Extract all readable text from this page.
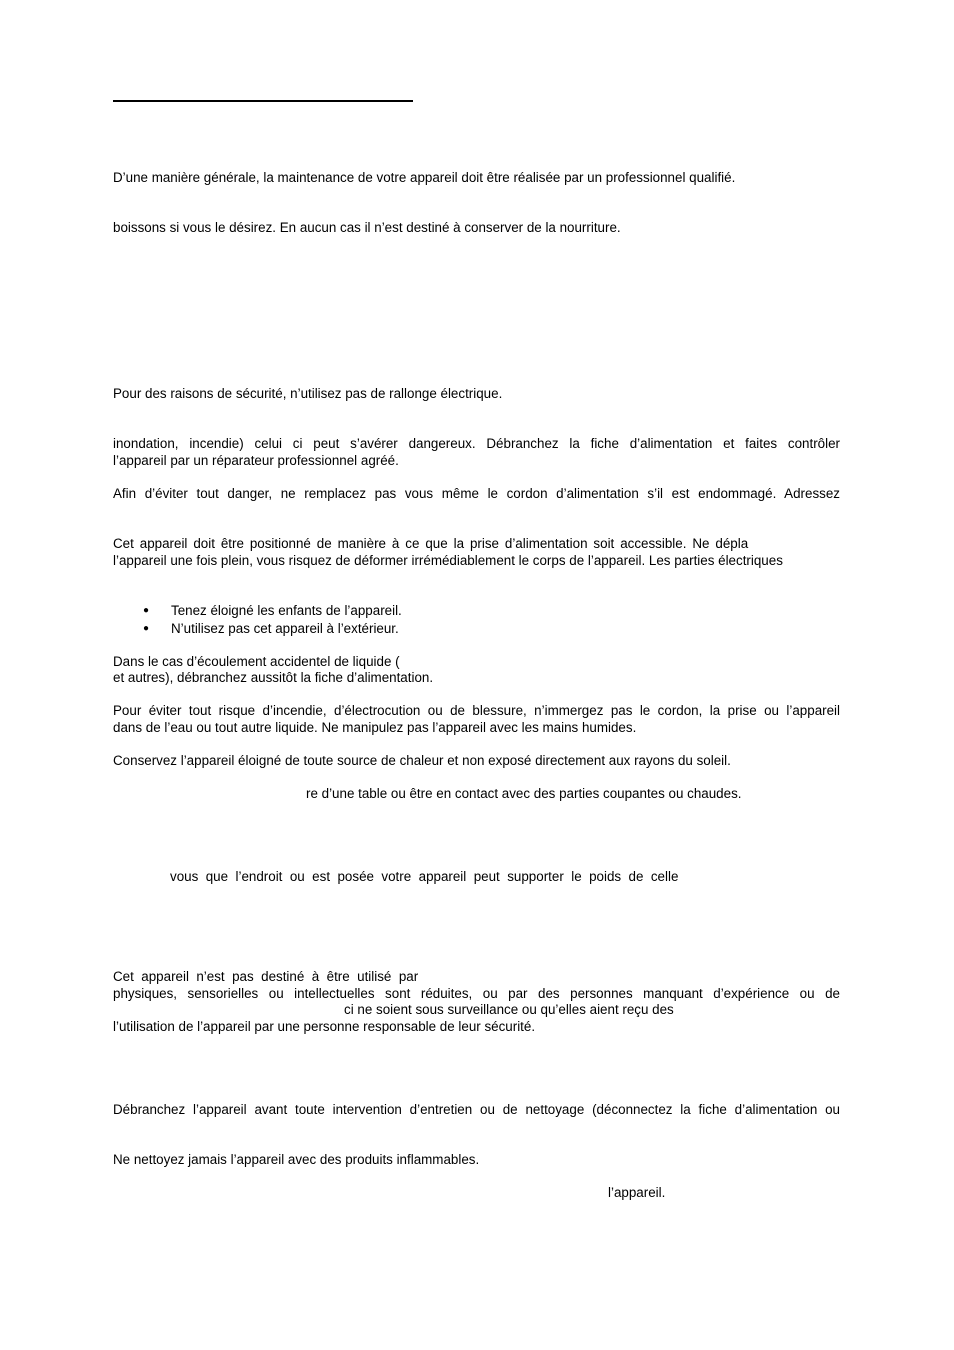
D’une manière générale, la maintenance de votre appareil doit être réalisée par un professionnel qualifié.
boissons si vous le désirez. En aucun cas il n’est destiné à conserver de la nourriture.
Pour des raisons de sécurité, n’utilisez pas de rallonge électrique.
inondation, incendie) celui ci peut s’avérer dangereux. Débranchez la fiche d’alimentation et faites contrôler
l’appareil par un réparateur professionnel agréé.
Afin d’éviter tout danger, ne remplacez pas vous même le cordon d’alimentation s’il est endommagé. Adressez
Cet appareil doit être positionné de manière à ce que la prise d’alimentation soit accessible. Ne dépla
l’appareil une fois plein, vous risquez de déformer irrémédiablement le corps de l’appareil. Les parties électriques
● Tenez éloigné les enfants de l’appareil.
● N’utilisez pas cet appareil à l’extérieur.
Dans le cas d’écoulement accidentel de liquide (
et autres), débranchez aussitôt la fiche d’alimentation.
Pour éviter tout risque d’incendie, d’électrocution ou de blessure, n’immergez pas le cordon, la prise ou l’appareil
dans de l’eau ou tout autre liquide. Ne manipulez pas l’appareil avec les mains humides.
Conservez l’appareil éloigné de toute source de chaleur et non exposé directement aux rayons du soleil.
re d’une table ou être en contact avec des parties coupantes ou chaudes.
vous  que  l’endroit  ou  est  posée  votre  appareil  peut  supporter  le  poids  de  celle
Cet  appareil  n’est  pas  destiné  à  être  utilisé  par
physiques, sensorielles ou intellectuelles sont réduites, ou par des personnes manquant d’expérience ou de
ci ne soient sous surveillance ou qu’elles aient reçu des
l’utilisation de l’appareil par une personne responsable de leur sécurité.
Débranchez l’appareil avant toute intervention d’entretien ou de nettoyage (déconnectez la fiche d’alimentation ou
Ne nettoyez jamais l’appareil avec des produits inflammables.
l’appareil.
